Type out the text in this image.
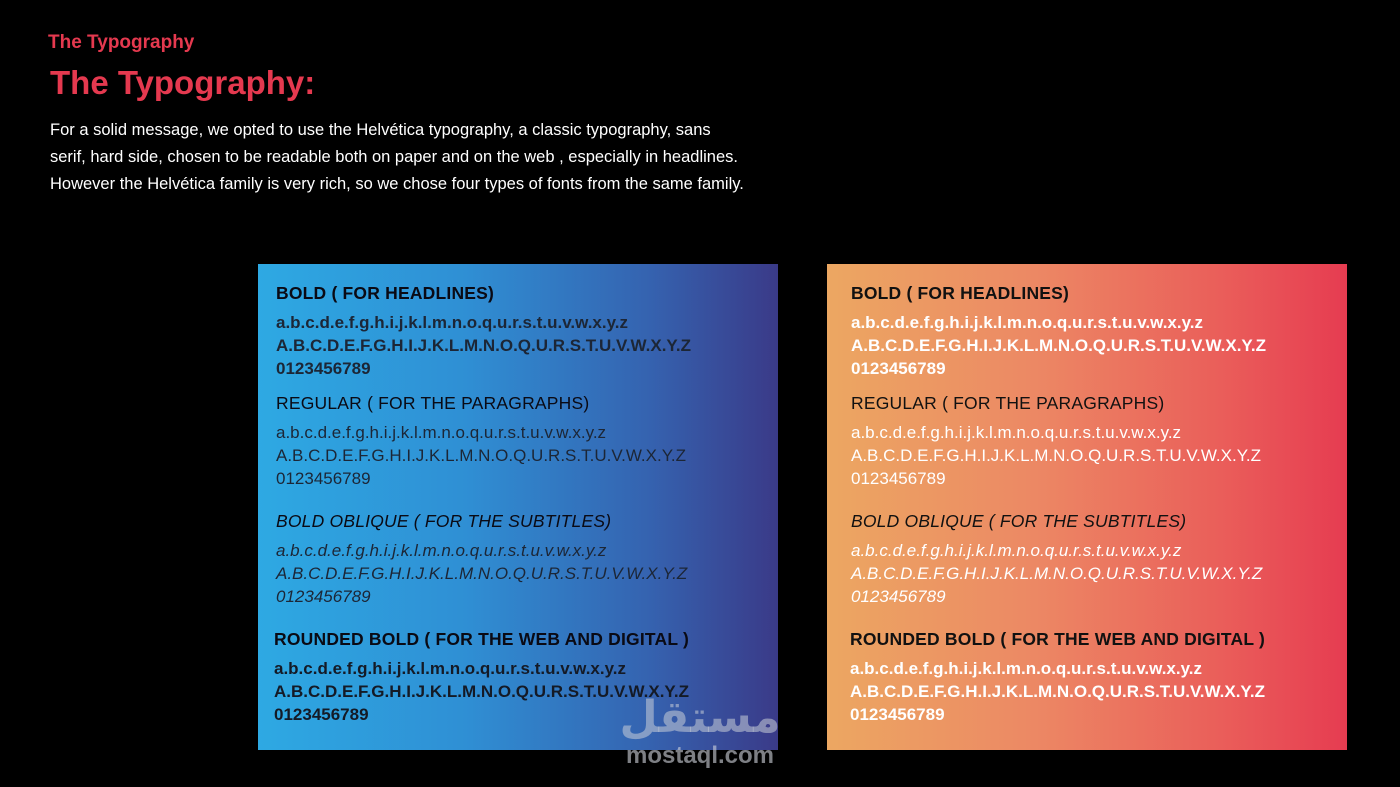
The Typography
The Typography:

For a solid message, we opted to use the Helvética typography, a classic typography, sans serif, hard side, chosen to be readable both on paper and on the web , especially in headlines. However the Helvética family is very rich, so we chose four types of fonts from the same family.

BOLD ( FOR HEADLINES)
a.b.c.d.e.f.g.h.i.j.k.l.m.n.o.q.u.r.s.t.u.v.w.x.y.z
A.B.C.D.E.F.G.H.I.J.K.L.M.N.O.Q.U.R.S.T.U.V.W.X.Y.Z
0123456789
REGULAR ( FOR THE PARAGRAPHS)
a.b.c.d.e.f.g.h.i.j.k.l.m.n.o.q.u.r.s.t.u.v.w.x.y.z
A.B.C.D.E.F.G.H.I.J.K.L.M.N.O.Q.U.R.S.T.U.V.W.X.Y.Z
0123456789
BOLD OBLIQUE ( FOR THE SUBTITLES)
a.b.c.d.e.f.g.h.i.j.k.l.m.n.o.q.u.r.s.t.u.v.w.x.y.z
A.B.C.D.E.F.G.H.I.J.K.L.M.N.O.Q.U.R.S.T.U.V.W.X.Y.Z
0123456789
ROUNDED BOLD ( FOR THE WEB AND DIGITAL )
a.b.c.d.e.f.g.h.i.j.k.l.m.n.o.q.u.r.s.t.u.v.w.x.y.z
A.B.C.D.E.F.G.H.I.J.K.L.M.N.O.Q.U.R.S.T.U.V.W.X.Y.Z
0123456789
BOLD ( FOR HEADLINES)
a.b.c.d.e.f.g.h.i.j.k.l.m.n.o.q.u.r.s.t.u.v.w.x.y.z
A.B.C.D.E.F.G.H.I.J.K.L.M.N.O.Q.U.R.S.T.U.V.W.X.Y.Z
0123456789
REGULAR ( FOR THE PARAGRAPHS)
a.b.c.d.e.f.g.h.i.j.k.l.m.n.o.q.u.r.s.t.u.v.w.x.y.z
A.B.C.D.E.F.G.H.I.J.K.L.M.N.O.Q.U.R.S.T.U.V.W.X.Y.Z
0123456789
BOLD OBLIQUE ( FOR THE SUBTITLES)
a.b.c.d.e.f.g.h.i.j.k.l.m.n.o.q.u.r.s.t.u.v.w.x.y.z
A.B.C.D.E.F.G.H.I.J.K.L.M.N.O.Q.U.R.S.T.U.V.W.X.Y.Z
0123456789
ROUNDED BOLD ( FOR THE WEB AND DIGITAL )
a.b.c.d.e.f.g.h.i.j.k.l.m.n.o.q.u.r.s.t.u.v.w.x.y.z
A.B.C.D.E.F.G.H.I.J.K.L.M.N.O.Q.U.R.S.T.U.V.W.X.Y.Z
0123456789
مستقل
mostaql.com
